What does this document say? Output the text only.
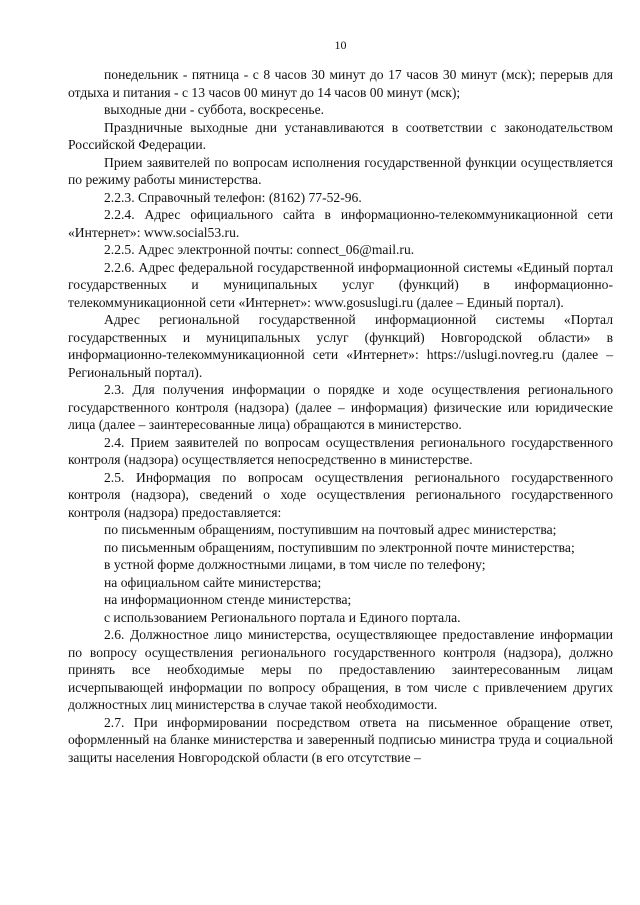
10

понедельник - пятница - с 8 часов 30 минут до 17 часов 30 минут (мск); перерыв для отдыха и питания - с 13 часов 00 минут до 14 часов 00 минут (мск);

выходные дни - суббота, воскресенье.

Праздничные выходные дни устанавливаются в соответствии с законодательством Российской Федерации.

Прием заявителей по вопросам исполнения государственной функции осуществляется по режиму работы министерства.

2.2.3. Справочный телефон: (8162) 77-52-96.

2.2.4. Адрес официального сайта в информационно-телекоммуникационной сети «Интернет»: www.social53.ru.

2.2.5. Адрес электронной почты: connect_06@mail.ru.

2.2.6. Адрес федеральной государственной информационной системы «Единый портал государственных и муниципальных услуг (функций) в информационно-телекоммуникационной сети «Интернет»: www.gosuslugi.ru (далее – Единый портал).

Адрес региональной государственной информационной системы «Портал государственных и муниципальных услуг (функций) Новгородской области» в информационно-телекоммуникационной сети «Интернет»: https://uslugi.novreg.ru (далее – Региональный портал).

2.3. Для получения информации о порядке и ходе осуществления регионального государственного контроля (надзора) (далее – информация) физические или юридические лица (далее – заинтересованные лица) обращаются в министерство.

2.4. Прием заявителей по вопросам осуществления регионального государственного контроля (надзора) осуществляется непосредственно в министерстве.

2.5. Информация по вопросам осуществления регионального государственного контроля (надзора), сведений о ходе осуществления регионального государственного контроля (надзора) предоставляется:

по письменным обращениям, поступившим на почтовый адрес министерства;

по письменным обращениям, поступившим по электронной почте министерства;

в устной форме должностными лицами, в том числе по телефону;

на официальном сайте министерства;

на информационном стенде министерства;

с использованием Регионального портала и Единого портала.

2.6. Должностное лицо министерства, осуществляющее предоставление информации по вопросу осуществления регионального государственного контроля (надзора), должно принять все необходимые меры по предоставлению заинтересованным лицам исчерпывающей информации по вопросу обращения, в том числе с привлечением других должностных лиц министерства в случае такой необходимости.

2.7. При информировании посредством ответа на письменное обращение ответ, оформленный на бланке министерства и заверенный подписью министра труда и социальной защиты населения Новгородской области (в его отсутствие –
